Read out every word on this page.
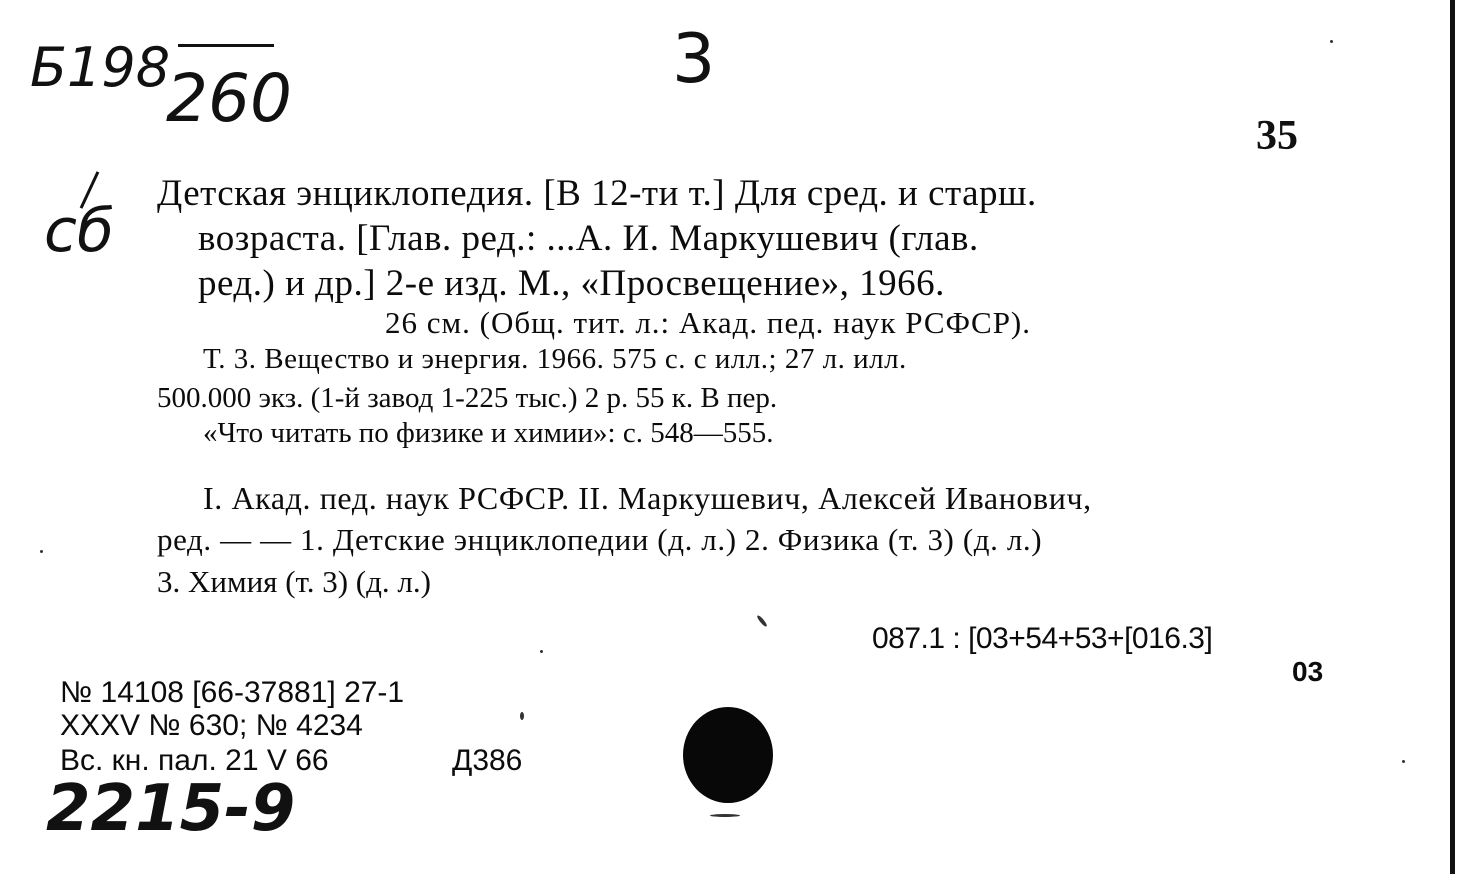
Б198
260	3
сб
35
Детская энциклопедия. [В 12-ти т.] Для сред. и старш.
возраста. [Глав. ред.: ...А. И. Маркушевич (глав.
ред.) и др.] 2-е изд. М., «Просвещение», 1966.
26 см. (Общ. тит. л.: Акад. пед. наук РСФСР).
Т. 3. Вещество и энергия. 1966. 575 с. с илл.; 27 л. илл.
500.000 экз. (1-й завод 1-225 тыс.) 2 р. 55 к. В пер.
«Что читать по физике и химии»: с. 548—555.
I. Акад. пед. наук РСФСР. II. Маркушевич, Алексей Иванович,
ред. — — 1. Детские энциклопедии (д. л.) 2. Физика (т. 3) (д. л.)
3. Химия (т. 3) (д. л.)
087.1 : [03+54+53+[016.3]
03
№ 14108 [66-37881] 27-1
XXXV № 630; № 4234
Вс. кн. пал. 21 V 66	Д386
2215-9
